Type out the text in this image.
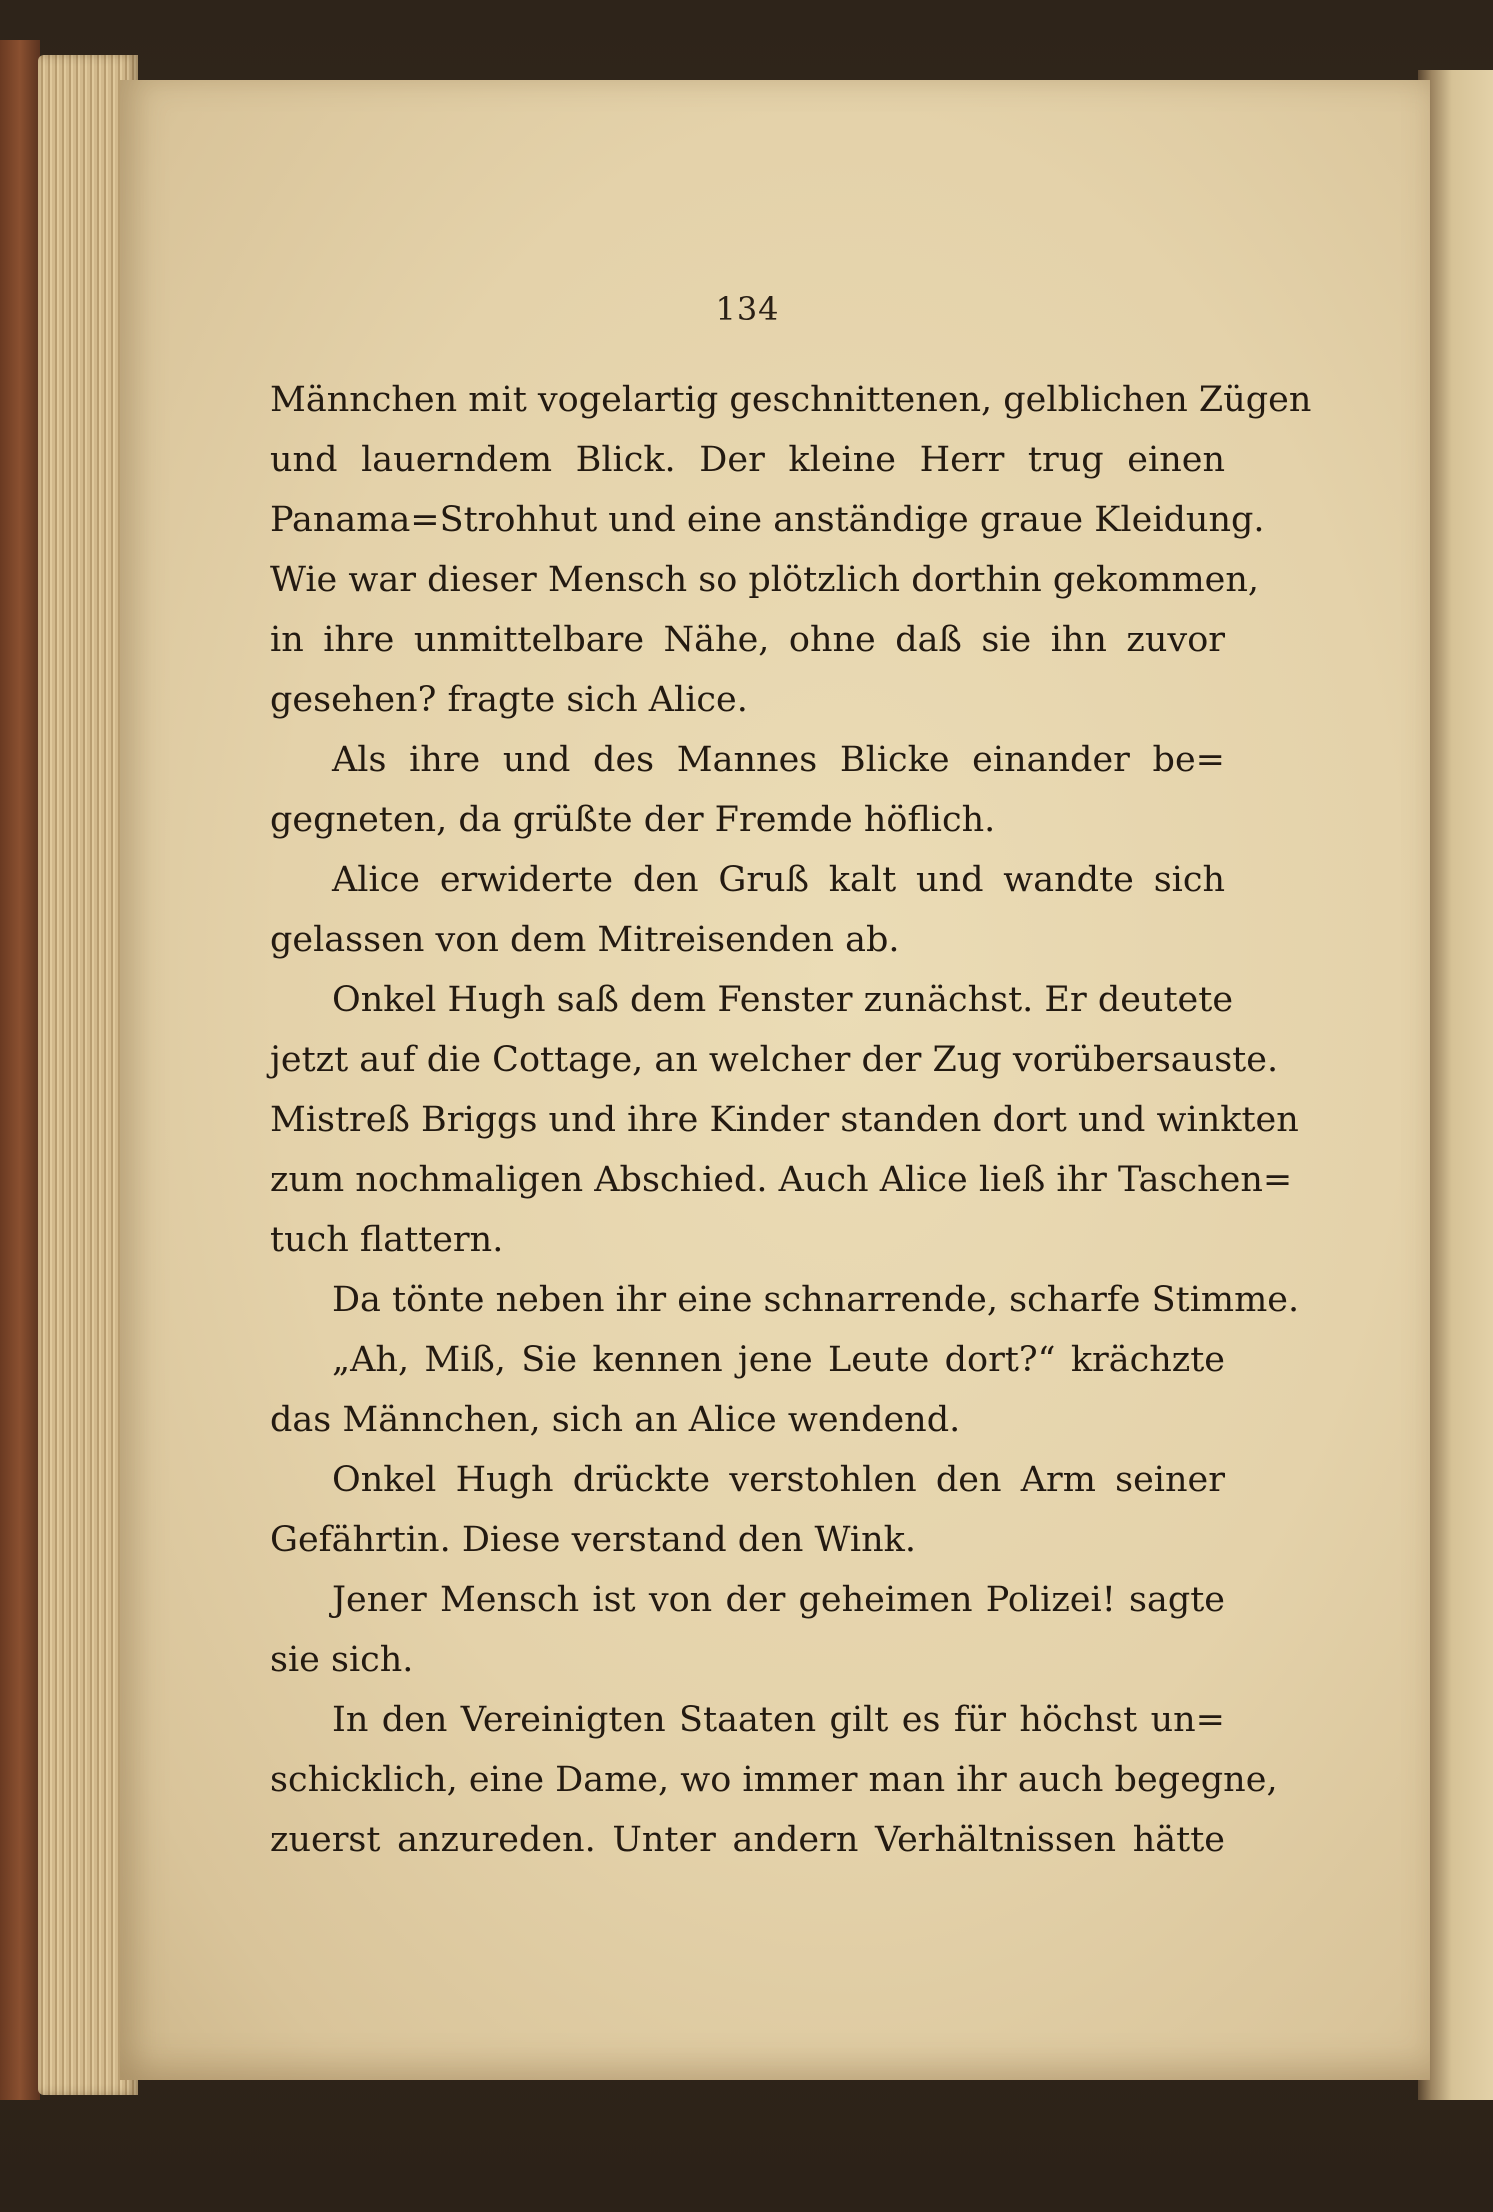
134
Männchen mit vogelartig geschnittenen, gelblichen Zügen
und lauerndem Blick. Der kleine Herr trug einen
Panama=Strohhut und eine anständige graue Kleidung.
Wie war dieser Mensch so plötzlich dorthin gekommen,
in ihre unmittelbare Nähe, ohne daß sie ihn zuvor
gesehen? fragte sich Alice.
Als ihre und des Mannes Blicke einander be=
gegneten, da grüßte der Fremde höflich.
Alice erwiderte den Gruß kalt und wandte sich
gelassen von dem Mitreisenden ab.
Onkel Hugh saß dem Fenster zunächst. Er deutete
jetzt auf die Cottage, an welcher der Zug vorübersauste.
Mistreß Briggs und ihre Kinder standen dort und winkten
zum nochmaligen Abschied. Auch Alice ließ ihr Taschen=
tuch flattern.
Da tönte neben ihr eine schnarrende, scharfe Stimme.
„Ah, Miß, Sie kennen jene Leute dort?“ krächzte
das Männchen, sich an Alice wendend.
Onkel Hugh drückte verstohlen den Arm seiner
Gefährtin. Diese verstand den Wink.
Jener Mensch ist von der geheimen Polizei! sagte
sie sich.
In den Vereinigten Staaten gilt es für höchst un=
schicklich, eine Dame, wo immer man ihr auch begegne,
zuerst anzureden. Unter andern Verhältnissen hätte
